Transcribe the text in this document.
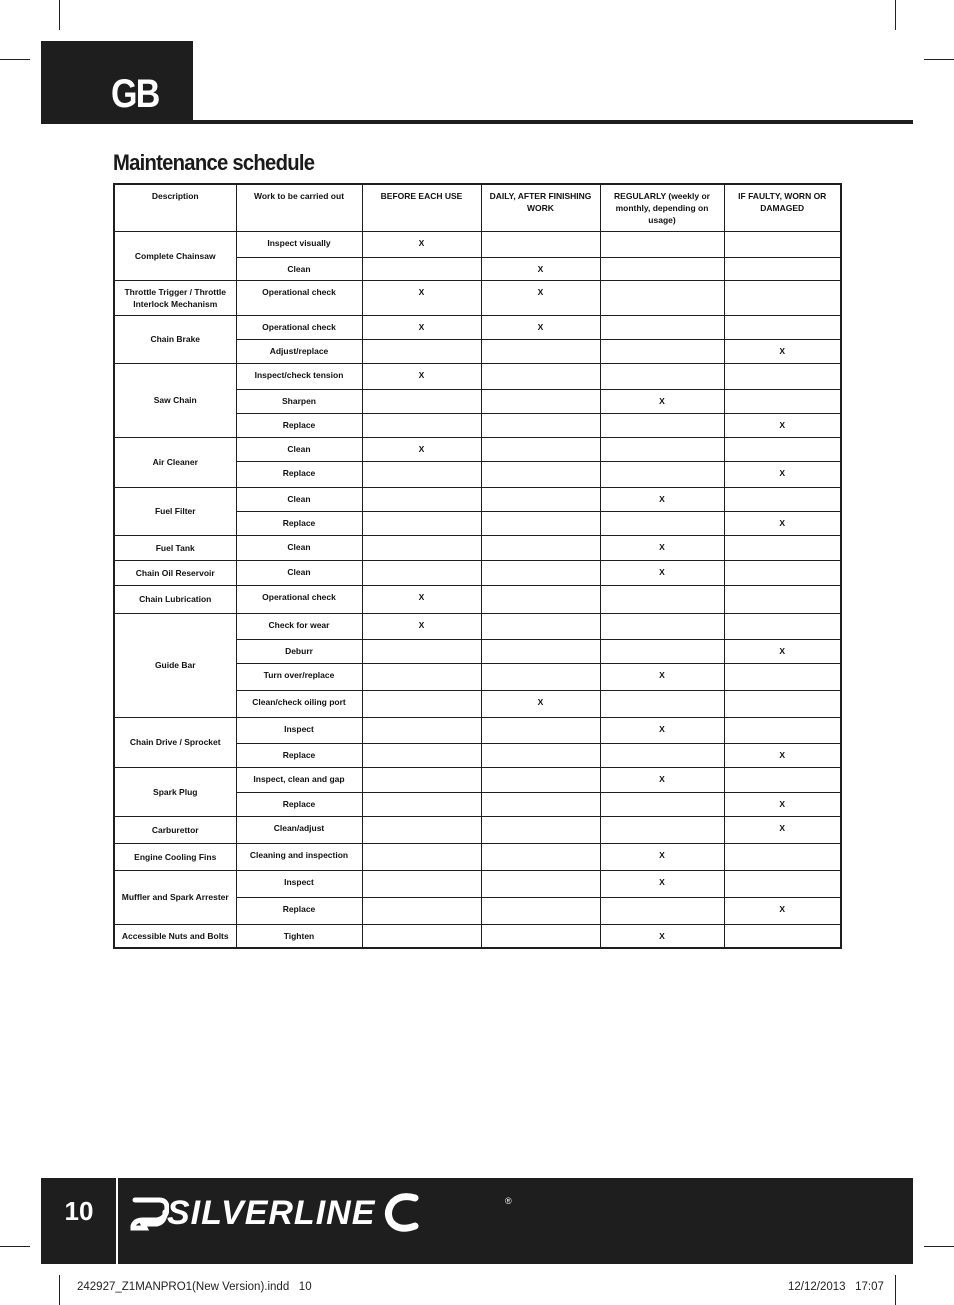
GB
Maintenance schedule
Description	Work to be carried out	BEFORE EACH USE	DAILY, AFTER FINISHING WORK	REGULARLY (weekly or monthly, depending on usage)	IF FAULTY, WORN OR DAMAGED
Complete Chainsaw	Inspect visually	X			
	Clean		X		
Throttle Trigger / Throttle Interlock Mechanism	Operational check	X	X		
Chain Brake	Operational check	X	X		
	Adjust/replace				X
Saw Chain	Inspect/check tension	X			
	Sharpen			X	
	Replace				X
Air Cleaner	Clean	X			
	Replace				X
Fuel Filter	Clean			X	
	Replace				X
Fuel Tank	Clean			X	
Chain Oil Reservoir	Clean			X	
Chain Lubrication	Operational check	X			
Guide Bar	Check for wear	X			
	Deburr				X
	Turn over/replace			X	
	Clean/check oiling port		X		
Chain Drive / Sprocket	Inspect			X	
	Replace				X
Spark Plug	Inspect, clean and gap			X	
	Replace				X
Carburettor	Clean/adjust				X
Engine Cooling Fins	Cleaning and inspection			X	
Muffler and Spark Arrester	Inspect			X	
	Replace				X
Accessible Nuts and Bolts	Tighten			X	
10	SILVERLINE	®
242927_Z1MANPRO1(New Version).indd   10	12/12/2013   17:07
